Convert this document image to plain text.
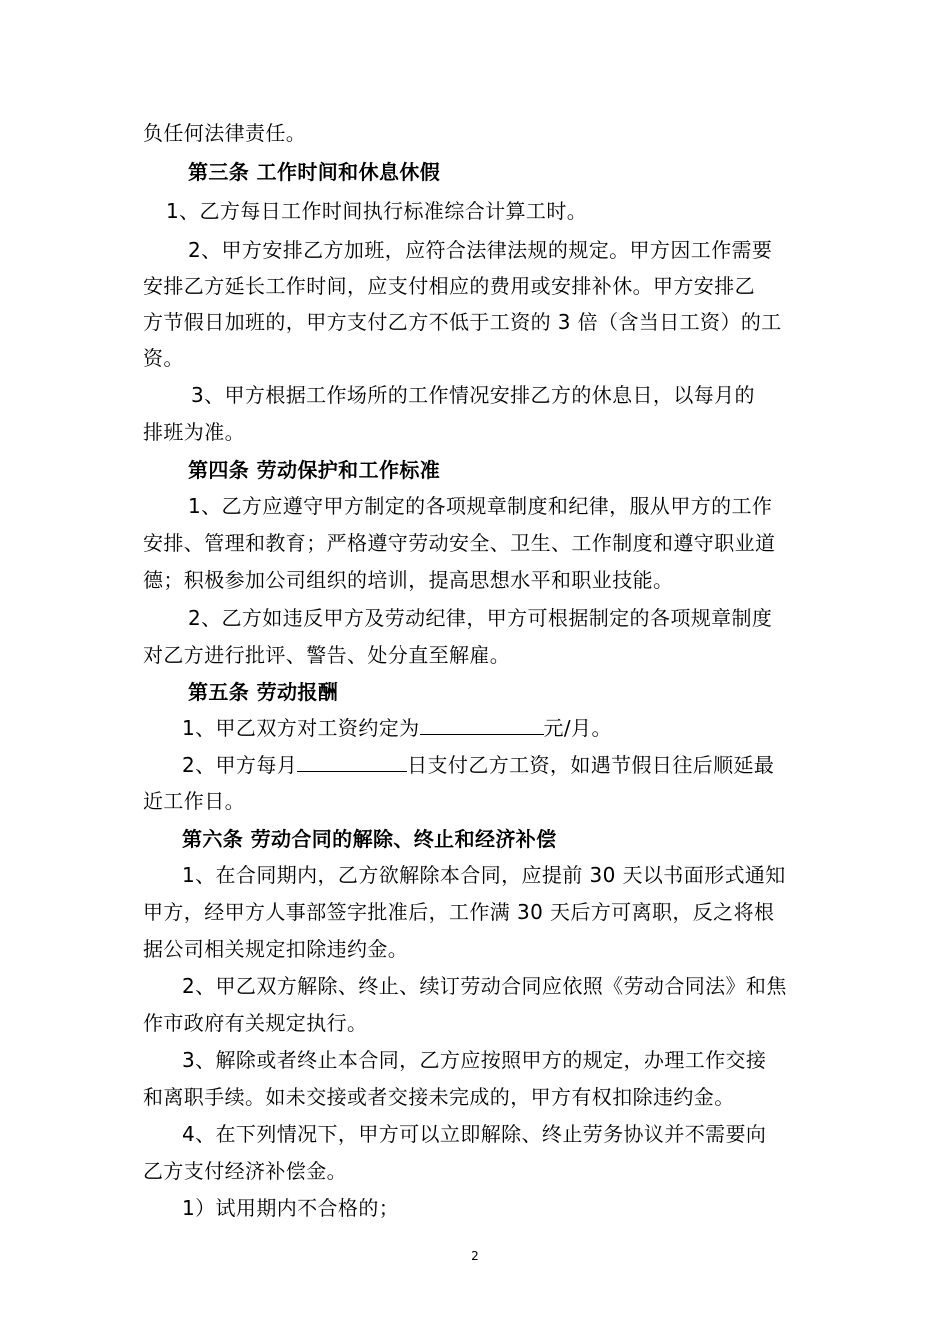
负任何法律责任。
第三条 工作时间和休息休假
1、乙方每日工作时间执行标准综合计算工时。
2、甲方安排乙方加班，应符合法律法规的规定。甲方因工作需要
安排乙方延长工作时间，应支付相应的费用或安排补休。甲方安排乙
方节假日加班的，甲方支付乙方不低于工资的 3 倍（含当日工资）的工
资。
3、甲方根据工作场所的工作情况安排乙方的休息日，以每月的
排班为准。
第四条 劳动保护和工作标准
1、乙方应遵守甲方制定的各项规章制度和纪律，服从甲方的工作
安排、管理和教育；严格遵守劳动安全、卫生、工作制度和遵守职业道
德；积极参加公司组织的培训，提高思想水平和职业技能。
2、乙方如违反甲方及劳动纪律，甲方可根据制定的各项规章制度
对乙方进行批评、警告、处分直至解雇。
第五条 劳动报酬
1、甲乙双方对工资约定为	元/月。
2、甲方每月	日支付乙方工资，如遇节假日往后顺延最
近工作日。
第六条 劳动合同的解除、终止和经济补偿
1、在合同期内，乙方欲解除本合同，应提前 30 天以书面形式通知
甲方，经甲方人事部签字批准后，工作满 30 天后方可离职，反之将根
据公司相关规定扣除违约金。
2、甲乙双方解除、终止、续订劳动合同应依照《劳动合同法》和焦
作市政府有关规定执行。
3、解除或者终止本合同，乙方应按照甲方的规定，办理工作交接
和离职手续。如未交接或者交接未完成的，甲方有权扣除违约金。
4、在下列情况下，甲方可以立即解除、终止劳务协议并不需要向
乙方支付经济补偿金。
1）试用期内不合格的；
2
